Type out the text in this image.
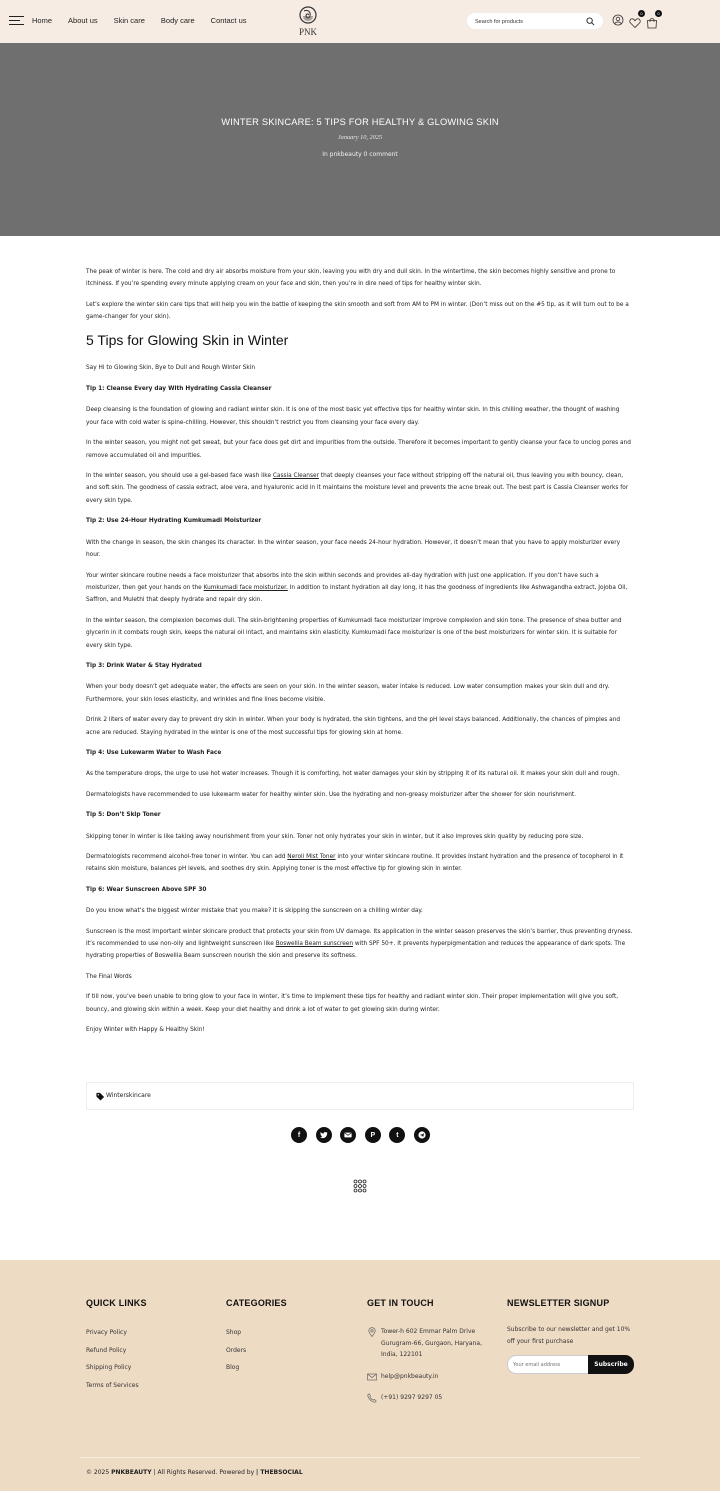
Home About us Skin care Body care Contact us
PNK
Search for products
0	0
WINTER SKINCARE: 5 TIPS FOR HEALTHY & GLOWING SKIN
January 10, 2025
In pnkbeauty 0 comment

The peak of winter is here. The cold and dry air absorbs moisture from your skin, leaving you with dry and dull skin. In the wintertime, the skin becomes highly sensitive and prone to itchiness. If you’re spending every minute applying cream on your face and skin, then you’re in dire need of tips for healthy winter skin.

Let’s explore the winter skin care tips that will help you win the battle of keeping the skin smooth and soft from AM to PM in winter. (Don’t miss out on the #5 tip, as it will turn out to be a game-changer for your skin).

5 Tips for Glowing Skin in Winter

Say Hi to Glowing Skin, Bye to Dull and Rough Winter Skin

Tip 1: Cleanse Every day With Hydrating Cassia Cleanser

Deep cleansing is the foundation of glowing and radiant winter skin. It is one of the most basic yet effective tips for healthy winter skin. In this chilling weather, the thought of washing your face with cold water is spine-chilling. However, this shouldn’t restrict you from cleansing your face every day.

In the winter season, you might not get sweat, but your face does get dirt and impurities from the outside. Therefore it becomes important to gently cleanse your face to unclog pores and remove accumulated oil and impurities.

In the winter season, you should use a gel-based face wash like Cassia Cleanser that deeply cleanses your face without stripping off the natural oil, thus leaving you with bouncy, clean, and soft skin. The goodness of cassia extract, aloe vera, and hyaluronic acid in it maintains the moisture level and prevents the acne break out. The best part is Cassia Cleanser works for every skin type.

Tip 2: Use 24-Hour Hydrating Kumkumadi Moisturizer

With the change in season, the skin changes its character. In the winter season, your face needs 24-hour hydration. However, it doesn’t mean that you have to apply moisturizer every hour.

Your winter skincare routine needs a face moisturizer that absorbs into the skin within seconds and provides all-day hydration with just one application. If you don’t have such a moisturizer, then get your hands on the Kumkumadi face moisturizer. In addition to instant hydration all day long, it has the goodness of ingredients like Ashwagandha extract, Jojoba Oil, Saffron, and Mulethi that deeply hydrate and repair dry skin.

In the winter season, the complexion becomes dull. The skin-brightening properties of Kumkumadi face moisturizer improve complexion and skin tone. The presence of shea butter and glycerin in it combats rough skin, keeps the natural oil intact, and maintains skin elasticity. Kumkumadi face moisturizer is one of the best moisturizers for winter skin. It is suitable for every skin type.

Tip 3: Drink Water & Stay Hydrated

When your body doesn’t get adequate water, the effects are seen on your skin. In the winter season, water intake is reduced. Low water consumption makes your skin dull and dry. Furthermore, your skin loses elasticity, and wrinkles and fine lines become visible.

Drink 2 liters of water every day to prevent dry skin in winter. When your body is hydrated, the skin tightens, and the pH level stays balanced. Additionally, the chances of pimples and acne are reduced. Staying hydrated in the winter is one of the most successful tips for glowing skin at home.

Tip 4: Use Lukewarm Water to Wash Face

As the temperature drops, the urge to use hot water increases. Though it is comforting, hot water damages your skin by stripping it of its natural oil. It makes your skin dull and rough.

Dermatologists have recommended to use lukewarm water for healthy winter skin. Use the hydrating and non-greasy moisturizer after the shower for skin nourishment.

Tip 5: Don’t Skip Toner

Skipping toner in winter is like taking away nourishment from your skin. Toner not only hydrates your skin in winter, but it also improves skin quality by reducing pore size.

Dermatologists recommend alcohol-free toner in winter. You can add Neroli Mist Toner into your winter skincare routine. It provides instant hydration and the presence of tocopherol in it retains skin moisture, balances pH levels, and soothes dry skin. Applying toner is the most effective tip for glowing skin in winter.

Tip 6: Wear Sunscreen Above SPF 30

Do you know what’s the biggest winter mistake that you make? It is skipping the sunscreen on a chilling winter day.

Sunscreen is the most important winter skincare product that protects your skin from UV damage. Its application in the winter season preserves the skin’s barrier, thus preventing dryness. It’s recommended to use non-oily and lightweight sunscreen like Boswellia Beam sunscreen with SPF 50+. It prevents hyperpigmentation and reduces the appearance of dark spots. The hydrating properties of Boswellia Beam sunscreen nourish the skin and preserve its softness.

The Final Words

If till now, you’ve been unable to bring glow to your face in winter, it’s time to implement these tips for healthy and radiant winter skin. Their proper implementation will give you soft, bouncy, and glowing skin within a week. Keep your diet healthy and drink a lot of water to get glowing skin during winter.

Enjoy Winter with Happy & Healthy Skin!

Winterskincare
f	P	t
QUICK LINKS
Privacy Policy
Refund Policy
Shipping Policy
Terms of Services
CATEGORIES
Shop
Orders
Blog
GET IN TOUCH
Tower-h 602 Emmar Palm Drive Gurugram-66, Gurgaon, Haryana, India, 122101
help@pnkbeauty.in
(+91) 9297 9297 05
NEWSLETTER SIGNUP
Subscribe to our newsletter and get 10% off your first purchase
Your email address
Subscribe
© 2025 PNKBEAUTY | All Rights Reserved. Powered by | THEBSOCIAL
